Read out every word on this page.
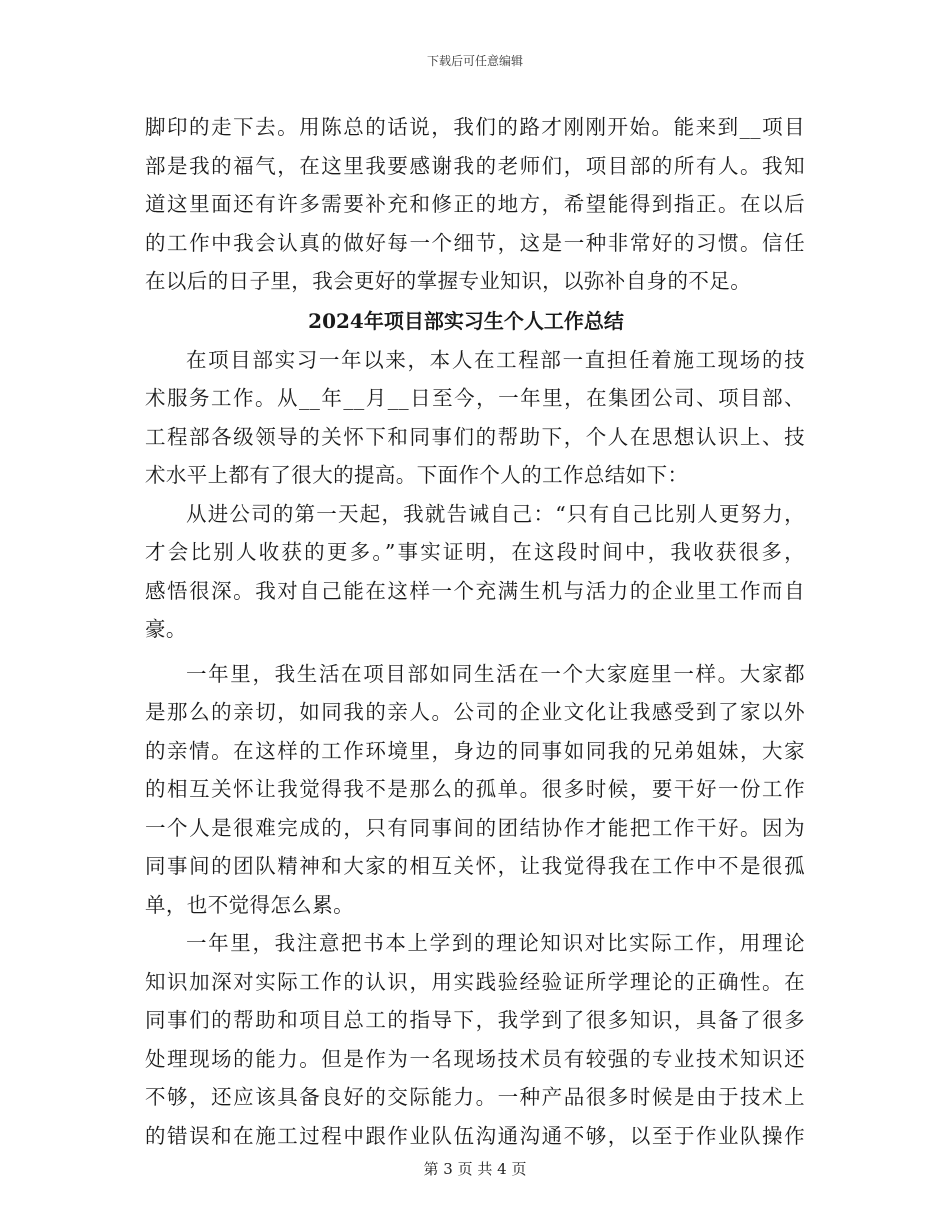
下载后可任意编辑
脚印的走下去。用陈总的话说，我们的路才刚刚开始。能来到__项目
部是我的福气，在这里我要感谢我的老师们，项目部的所有人。我知
道这里面还有许多需要补充和修正的地方，希望能得到指正。在以后
的工作中我会认真的做好每一个细节，这是一种非常好的习惯。信任
在以后的日子里，我会更好的掌握专业知识，以弥补自身的不足。
2024年项目部实习生个人工作总结
在项目部实习一年以来，本人在工程部一直担任着施工现场的技
术服务工作。从__年__月__日至今，一年里，在集团公司、项目部、
工程部各级领导的关怀下和同事们的帮助下，个人在思想认识上、技
术水平上都有了很大的提高。下面作个人的工作总结如下：
从进公司的第一天起，我就告诫自己：“只有自己比别人更努力，
才会比别人收获的更多。”事实证明，在这段时间中，我收获很多，
感悟很深。我对自己能在这样一个充满生机与活力的企业里工作而自
豪。
一年里，我生活在项目部如同生活在一个大家庭里一样。大家都
是那么的亲切，如同我的亲人。公司的企业文化让我感受到了家以外
的亲情。在这样的工作环境里，身边的同事如同我的兄弟姐妹，大家
的相互关怀让我觉得我不是那么的孤单。很多时候，要干好一份工作
一个人是很难完成的，只有同事间的团结协作才能把工作干好。因为
同事间的团队精神和大家的相互关怀，让我觉得我在工作中不是很孤
单，也不觉得怎么累。
一年里，我注意把书本上学到的理论知识对比实际工作，用理论
知识加深对实际工作的认识，用实践验经验证所学理论的正确性。在
同事们的帮助和项目总工的指导下，我学到了很多知识，具备了很多
处理现场的能力。但是作为一名现场技术员有较强的专业技术知识还
不够，还应该具备良好的交际能力。一种产品很多时候是由于技术上
的错误和在施工过程中跟作业队伍沟通沟通不够，以至于作业队操作
第 3 页 共 4 页
